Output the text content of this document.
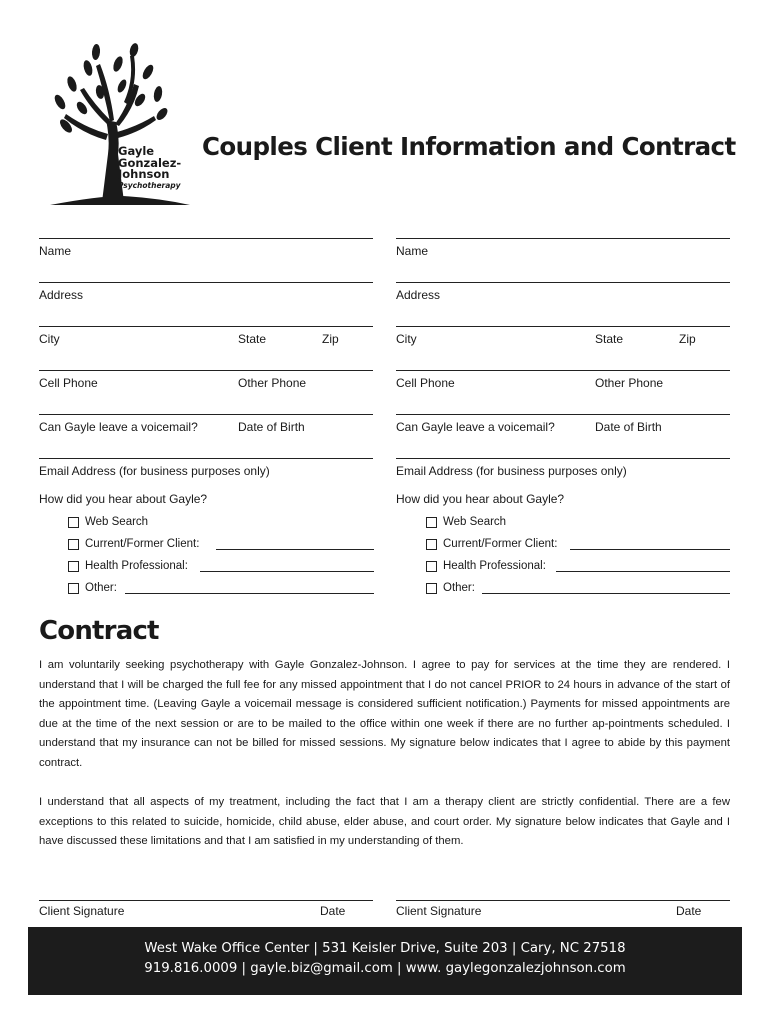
Gayle
Gonzalez-
Johnson
Psychotherapy
Couples Client Information and Contract
Name
Address
City	State	Zip
Cell Phone	Other Phone
Can Gayle leave a voicemail?	Date of Birth
Email Address (for business purposes only)
Name
Address
City	State	Zip
Cell Phone	Other Phone
Can Gayle leave a voicemail?	Date of Birth
Email Address (for business purposes only)
How did you hear about Gayle?
Web Search
Current/Former Client:
Health Professional:
Other:
How did you hear about Gayle?
Web Search
Current/Former Client:
Health Professional:
Other:
Contract

I am voluntarily seeking psychotherapy with Gayle Gonzalez-Johnson. I agree to pay for services at the time they are rendered. I understand that I will be charged the full fee for any missed appointment that I do not cancel PRIOR to 24 hours in advance of the start of the appointment time. (Leaving Gayle a voicemail message is considered sufficient notification.) Payments for missed appointments are due at the time of the next session or are to be mailed to the office within one week if there are no further ap-pointments scheduled. I understand that my insurance can not be billed for missed sessions. My signature below indicates that I agree to abide by this payment contract.

I understand that all aspects of my treatment, including the fact that I am a therapy client are strictly confidential. There are a few exceptions to this related to suicide, homicide, child abuse, elder abuse, and court order. My signature below indicates that Gayle and I have discussed these limitations and that I am satisfied in my understanding of them.

Client Signature	Date	Client Signature	Date
West Wake Office Center | 531 Keisler Drive, Suite 203 | Cary, NC 27518
919.816.0009 | gayle.biz@gmail.com | www. gaylegonzalezjohnson.com
